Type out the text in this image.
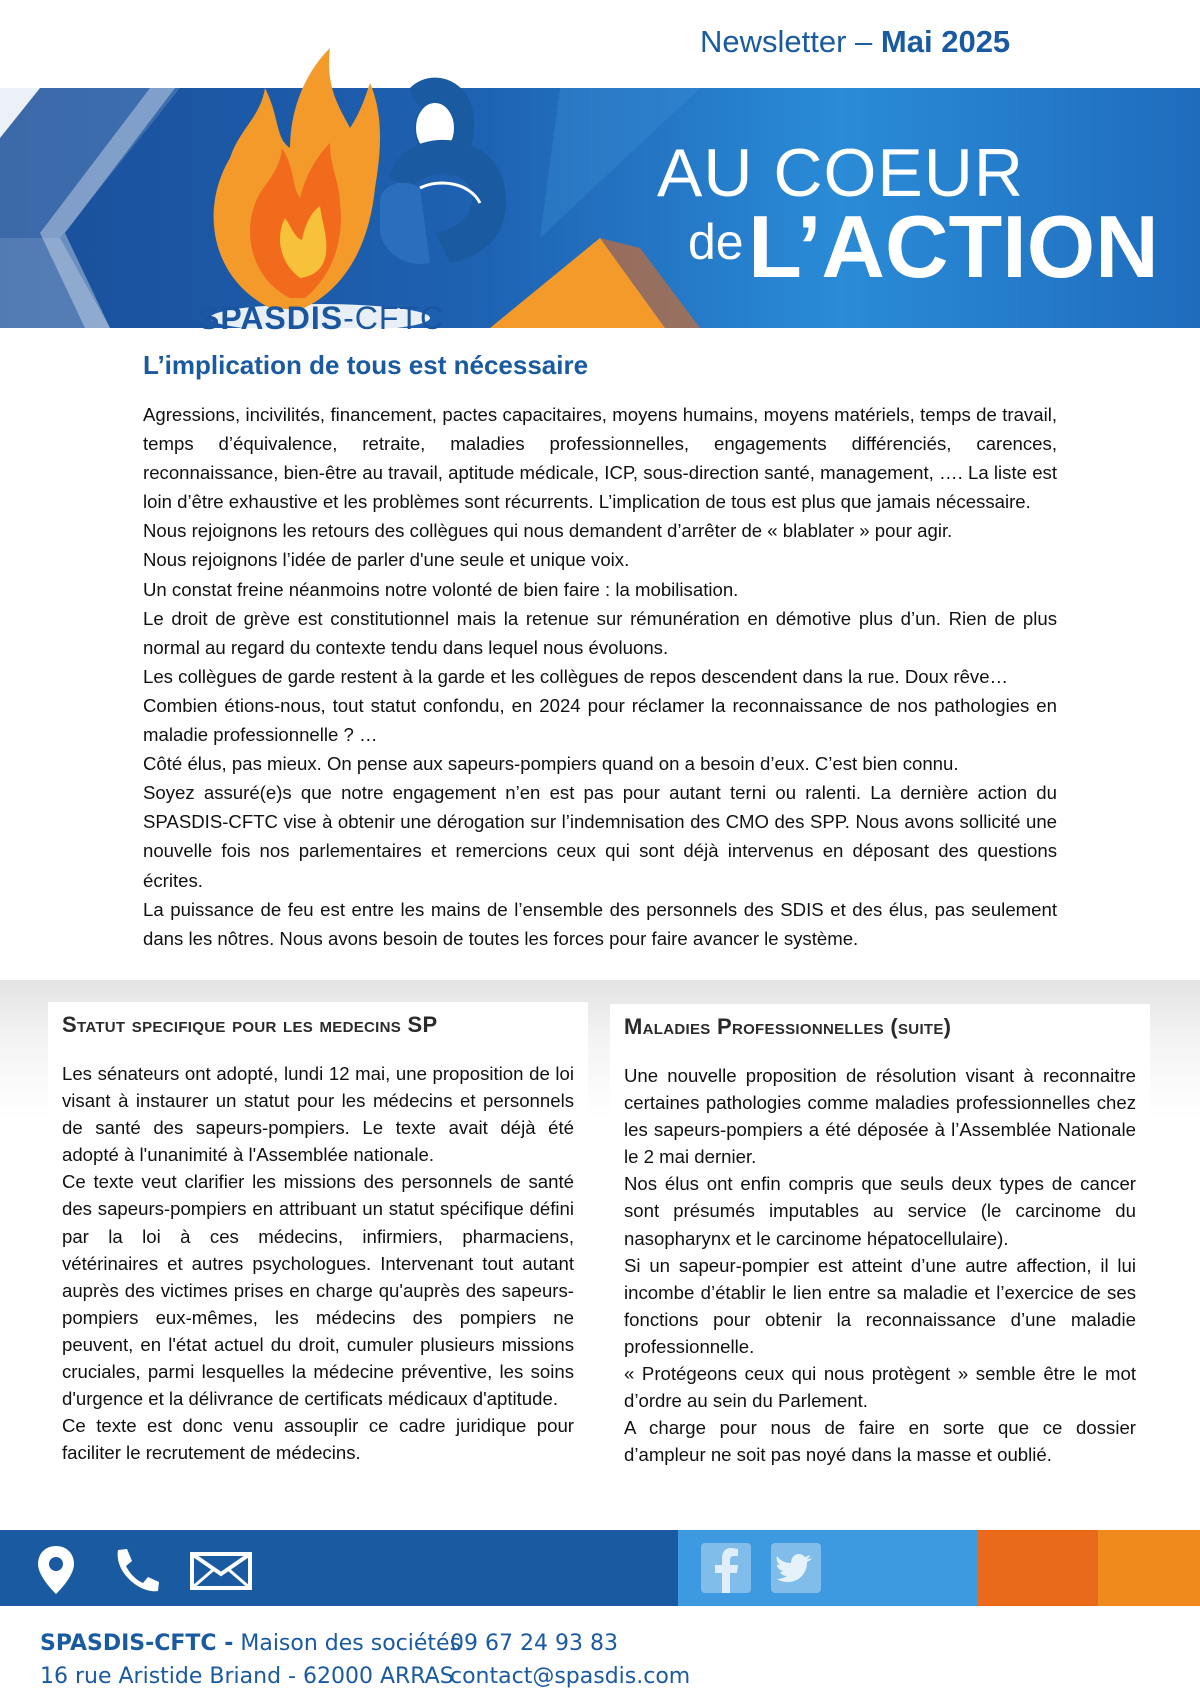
Newsletter – Mai 2025
AU COEUR
de L’ACTION
SPASDIS-CFTC
L’implication de tous est nécessaire

Agressions, incivilités, financement, pactes capacitaires, moyens humains, moyens matériels, temps de travail, temps d’équivalence, retraite, maladies professionnelles, engagements différenciés, carences, reconnaissance, bien-être au travail, aptitude médicale, ICP, sous-direction santé, management, …. La liste est loin d’être exhaustive et les problèmes sont récurrents. L’implication de tous est plus que jamais nécessaire.

Nous rejoignons les retours des collègues qui nous demandent d’arrêter de « blablater » pour agir.

Nous rejoignons l’idée de parler d'une seule et unique voix.

Un constat freine néanmoins notre volonté de bien faire : la mobilisation.

Le droit de grève est constitutionnel mais la retenue sur rémunération en démotive plus d’un. Rien de plus normal au regard du contexte tendu dans lequel nous évoluons.

Les collègues de garde restent à la garde et les collègues de repos descendent dans la rue. Doux rêve…

Combien étions-nous, tout statut confondu, en 2024 pour réclamer la reconnaissance de nos pathologies en maladie professionnelle ? …

Côté élus, pas mieux. On pense aux sapeurs-pompiers quand on a besoin d’eux. C’est bien connu.

Soyez assuré(e)s que notre engagement n’en est pas pour autant terni ou ralenti. La dernière action du SPASDIS-CFTC vise à obtenir une dérogation sur l’indemnisation des CMO des SPP. Nous avons sollicité une nouvelle fois nos parlementaires et remercions ceux qui sont déjà intervenus en déposant des questions écrites.

La puissance de feu est entre les mains de l’ensemble des personnels des SDIS et des élus, pas seulement dans les nôtres. Nous avons besoin de toutes les forces pour faire avancer le système.

Statut specifique pour les medecins SP

Les sénateurs ont adopté, lundi 12 mai, une proposition de loi visant à instaurer un statut pour les médecins et personnels de santé des sapeurs-pompiers. Le texte avait déjà été adopté à l'unanimité à l'Assemblée nationale.

Ce texte veut clarifier les missions des personnels de santé des sapeurs-pompiers en attribuant un statut spécifique défini par la loi à ces médecins, infirmiers, pharmaciens, vétérinaires et autres psychologues. Intervenant tout autant auprès des victimes prises en charge qu'auprès des sapeurs-pompiers eux-mêmes, les médecins des pompiers ne peuvent, en l'état actuel du droit, cumuler plusieurs missions cruciales, parmi lesquelles la médecine préventive, les soins d'urgence et la délivrance de certificats médicaux d'aptitude.

Ce texte est donc venu assouplir ce cadre juridique pour faciliter le recrutement de médecins.

Maladies Professionnelles (suite)

Une nouvelle proposition de résolution visant à reconnaitre certaines pathologies comme maladies professionnelles chez les sapeurs-pompiers a été déposée à l’Assemblée Nationale le 2 mai dernier.

Nos élus ont enfin compris que seuls deux types de cancer sont présumés imputables au service (le carcinome du nasopharynx et le carcinome hépatocellulaire).

Si un sapeur-pompier est atteint d’une autre affection, il lui incombe d’établir le lien entre sa maladie et l’exercice de ses fonctions pour obtenir la reconnaissance d’une maladie professionnelle.

« Protégeons ceux qui nous protègent » semble être le mot d’ordre au sein du Parlement.

A charge pour nous de faire en sorte que ce dossier d’ampleur ne soit pas noyé dans la masse et oublié.

SPASDIS-CFTC - Maison des sociétés
16 rue Aristide Briand - 62000 ARRAS
09 67 24 93 83
contact@spasdis.com
